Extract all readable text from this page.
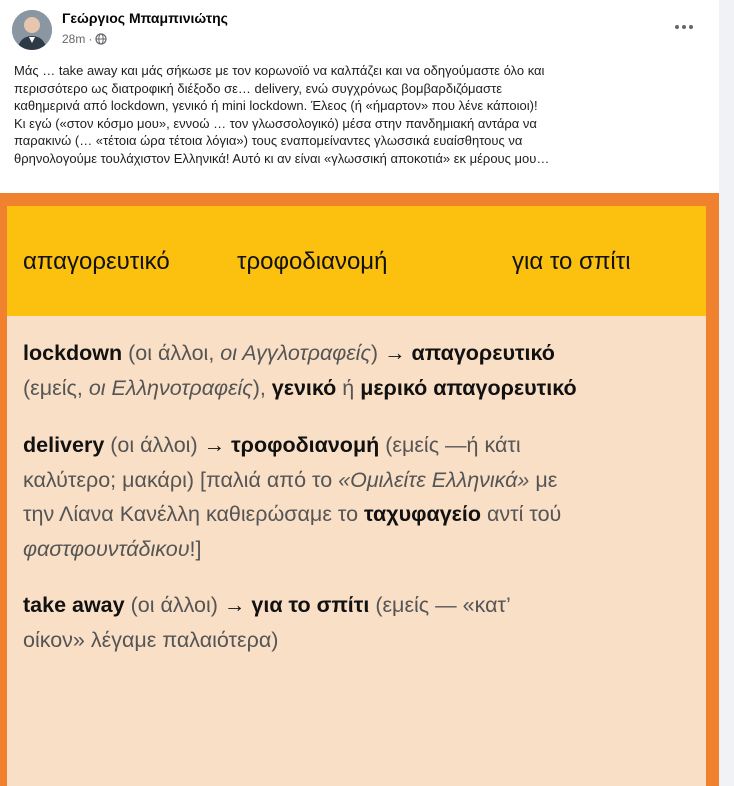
Γεώργιος Μπαμπινιώτης
28m ·

Μάς … take away και μάς σήκωσε με τον κορωνοϊό να καλπάζει και να οδηγούμαστε όλο και

περισσότερο ως διατροφική διέξοδο σε… delivery, ενώ συγχρόνως βομβαρδιζόμαστε

καθημερινά από lockdown, γενικό ή mini lockdown. Έλεος (ή «ήμαρτον» που λένε κάποιοι)!

Κι εγώ («στον κόσμο μου», εννοώ … τον γλωσσολογικό) μέσα στην πανδημιακή αντάρα να

παρακινώ (… «τέτοια ώρα τέτοια λόγια») τους εναπομείναντες γλωσσικά ευαίσθητους να

θρηνολογούμε τουλάχιστον Ελληνικά! Αυτό κι αν είναι «γλωσσική αποκοτιά» εκ μέρους μου…

απαγορευτικό	τροφοδιανομή	για το σπίτι

lockdown (οι άλλοι, οι Αγγλοτραφείς) → απαγορευτικό

(εμείς, οι Ελληνοτραφείς), γενικό ή μερικό απαγορευτικό

delivery (οι άλλοι) → τροφοδιανομή (εμείς —ή κάτι

καλύτερο; μακάρι) [παλιά από το «Ομιλείτε Ελληνικά» με

την Λίανα Κανέλλη καθιερώσαμε το ταχυφαγείο αντί τού

φαστφουντάδικου!]

take away (οι άλλοι) → για το σπίτι (εμείς — «κατ’

οίκον» λέγαμε παλαιότερα)
